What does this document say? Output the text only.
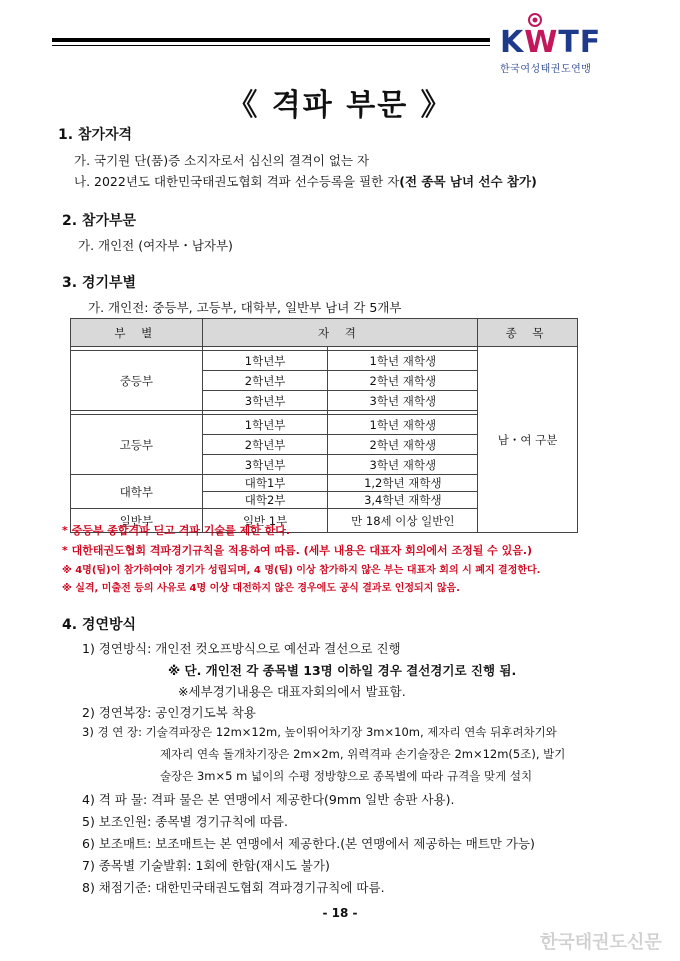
KWTF
한국여성태권도연맹
《 격파 부문 》
1. 참가자격
가. 국기원 단(품)증 소지자로서 심신의 결격이 없는 자
나. 2022년도 대한민국태권도협회 격파 선수등록을 필한 자(전 종목 남녀 선수 참가)
2. 참가부문
가. 개인전 (여자부・남자부)
3. 경기부별
가. 개인전: 중등부, 고등부, 대학부, 일반부 남녀 각 5개부
부 별	자 격		종 목
			남・여 구분
중등부	1학년부	1학년 재학생	
	2학년부	2학년 재학생	
	3학년부	3학년 재학생	

고등부	1학년부	1학년 재학생	
	2학년부	2학년 재학생	
	3학년부	3학년 재학생	
대학부	대학1부	1,2학년 재학생	
	대학2부	3,4학년 재학생	
일반부	일반 1부	만 18세 이상 일반인	
* 중등부 종합격파 딛고 격파 기술를 제한 한다.
* 대한태권도협회 격파경기규칙을 적용하여 따름. (세부 내용은 대표자 회의에서 조정될 수 있음.)
※ 4명(팀)이 참가하여야 경기가 성립되며, 4 명(팀) 이상 참가하지 않은 부는 대표자 회의 시 폐지 결정한다.
※ 실격, 미출전 등의 사유로 4명 이상 대전하지 않은 경우에도 공식 결과로 인정되지 않음.
4. 경연방식
1) 경연방식: 개인전 컷오프방식으로 예선과 결선으로 진행
※ 단. 개인전 각 종목별 13명 이하일 경우 결선경기로 진행 됨.
※세부경기내용은 대표자회의에서 발표함.
2) 경연복장: 공인경기도복 착용
3) 경 연 장: 기술격파장은 12m×12m, 높이뛰어차기장 3m×10m, 제자리 연속 뒤후려차기와
제자리 연속 돌개차기장은 2m×2m, 위력격파 손기술장은 2m×12m(5조), 발기
술장은 3m×5 m 넓이의 수평 정방향으로 종목별에 따라 규격을 맞게 설치
4) 격 파 물: 격파 물은 본 연맹에서 제공한다(9mm 일반 송판 사용).
5) 보조인원: 종목별 경기규칙에 따름.
6) 보조매트: 보조매트는 본 연맹에서 제공한다.(본 연맹에서 제공하는 매트만 가능)
7) 종목별 기술발휘: 1회에 한함(재시도 불가)
8) 채점기준: 대한민국태권도협회 격파경기규칙에 따름.
- 18 -
한국태권도신문
